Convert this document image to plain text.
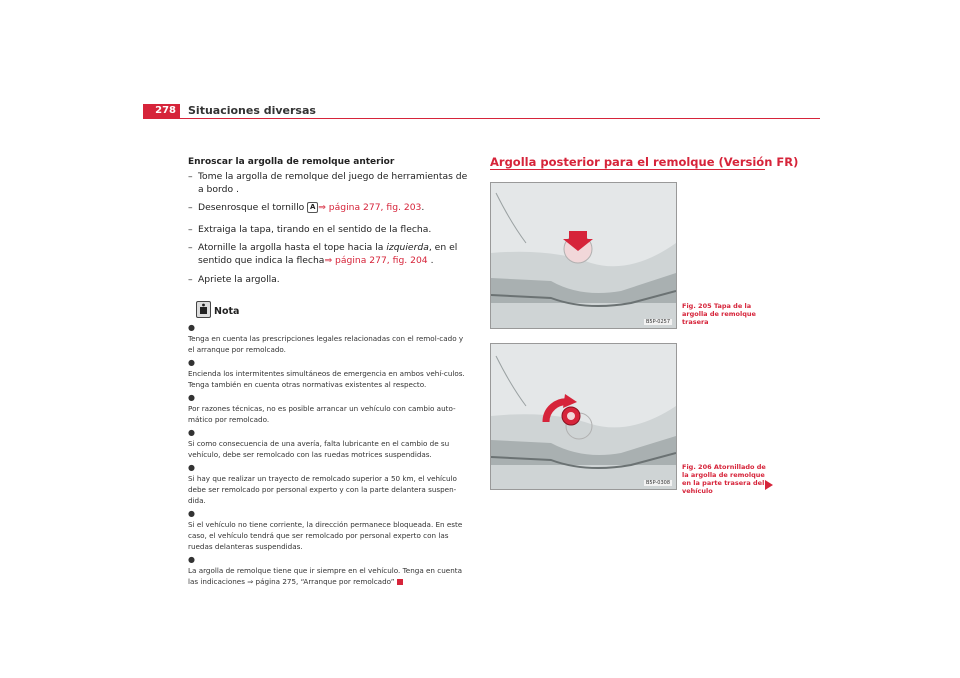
278	Situaciones diversas
Enroscar la argolla de remolque anterior
– Tome la argolla de remolque del juego de herramientas de a bordo .
– Desenrosque el tornillo A ⇒ página 277, fig. 203.
– Extraiga la tapa, tirando en el sentido de la flecha.
– Atornille la argolla hasta el tope hacia la izquierda, en el sentido que indica la flecha⇒ página 277, fig. 204 .
– Apriete la argolla.
Nota

●
Tenga en cuenta las prescripciones legales relacionadas con el remol-cado y el arranque por remolcado.

●
Encienda los intermitentes simultáneos de emergencia en ambos vehí-culos. Tenga también en cuenta otras normativas existentes al respecto.

●
Por razones técnicas, no es posible arrancar un vehículo con cambio auto-mático por remolcado.

●
Si como consecuencia de una avería, falta lubricante en el cambio de su vehículo, debe ser remolcado con las ruedas motrices suspendidas.

●
Si hay que realizar un trayecto de remolcado superior a 50 km, el vehículo debe ser remolcado por personal experto y con la parte delantera suspen-dida.

●
Si el vehículo no tiene corriente, la dirección permanece bloqueada. En este caso, el vehículo tendrá que ser remolcado por personal experto con las ruedas delanteras suspendidas.

●
La argolla de remolque tiene que ir siempre en el vehículo. Tenga en cuenta las indicaciones ⇒ página 275, “Arranque por remolcado”

Argolla posterior para el remolque (Versión FR)
B5P-0257
Fig. 205 Tapa de la argolla de remolque trasera
B5P-0308
Fig. 206 Atornillado de la argolla de remolque en la parte trasera del vehículo
